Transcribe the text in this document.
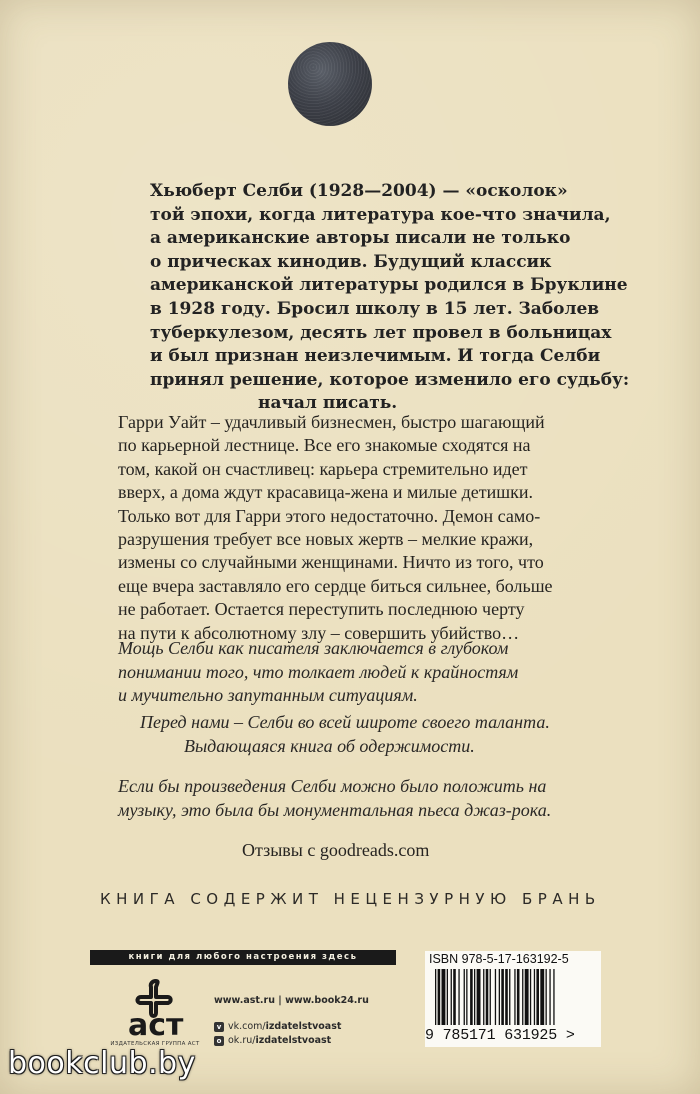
Хьюберт Селби (1928—2004) — «осколок»
той эпохи, когда литература кое-что значила,
а американские авторы писали не только
о прическах кинодив. Будущий классик
американской литературы родился в Бруклине
в 1928 году. Бросил школу в 15 лет. Заболев
туберкулезом, десять лет провел в больницах
и был признан неизлечимым. И тогда Селби
принял решение, которое изменило его судьбу:
начал писать.
Гарри Уайт – удачливый бизнесмен, быстро шагающий
по карьерной лестнице. Все его знакомые сходятся на
том, какой он счастливец: карьера стремительно идет
вверх, а дома ждут красавица-жена и милые детишки.
Только вот для Гарри этого недостаточно. Демон само-
разрушения требует все новых жертв – мелкие кражи,
измены со случайными женщинами. Ничто из того, что
еще вчера заставляло его сердце биться сильнее, больше
не работает. Остается переступить последнюю черту
на пути к абсолютному злу – совершить убийство…
Мощь Селби как писателя заключается в глубоком
понимании того, что толкает людей к крайностям
и мучительно запутанным ситуациям.
Перед нами – Селби во всей широте своего таланта.
Выдающаяся книга об одержимости.
Если бы произведения Селби можно было положить на
музыку, это была бы монументальная пьеса джаз-рока.
Отзывы с goodreads.com
КНИГА СОДЕРЖИТ НЕЦЕНЗУРНУЮ БРАНЬ
книги для любого настроения здесь
аст
ИЗДАТЕЛЬСКАЯ ГРУППА АСТ
www.ast.ru | www.book24.ru
v vk.com/izdatelstvoast
o ok.ru/izdatelstvoast
ISBN 978-5-17-163192-5
9 785171 631925 >
bookclub.by
